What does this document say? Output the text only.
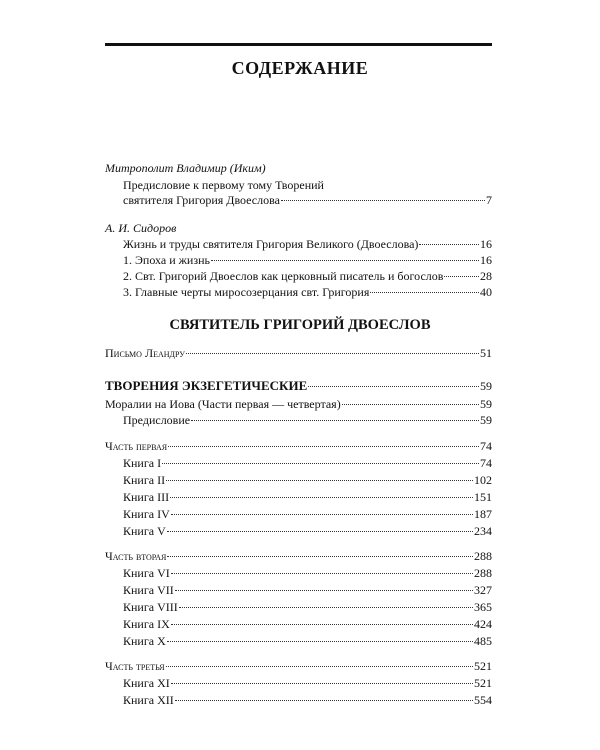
СОДЕРЖАНИЕ
Митрополит Владимир (Иким)
Предисловие к первому тому Творений
святителя Григория Двоеслова	7
А. И. Сидоров
Жизнь и труды святителя Григория Великого (Двоеслова)	16
1. Эпоха и жизнь	16
2. Свт. Григорий Двоеслов как церковный писатель и богослов	28
3. Главные черты миросозерцания свт. Григория	40
СВЯТИТЕЛЬ ГРИГОРИЙ ДВОЕСЛОВ
Письмо Леандру	51
ТВОРЕНИЯ ЭКЗЕГЕТИЧЕСКИЕ	59
Моралии на Иова (Части первая — четвертая)	59
Предисловие	59
Часть первая	74
Книга I	74
Книга II	102
Книга III	151
Книга IV	187
Книга V	234
Часть вторая	288
Книга VI	288
Книга VII	327
Книга VIII	365
Книга IX	424
Книга X	485
Часть третья	521
Книга XI	521
Книга XII	554
